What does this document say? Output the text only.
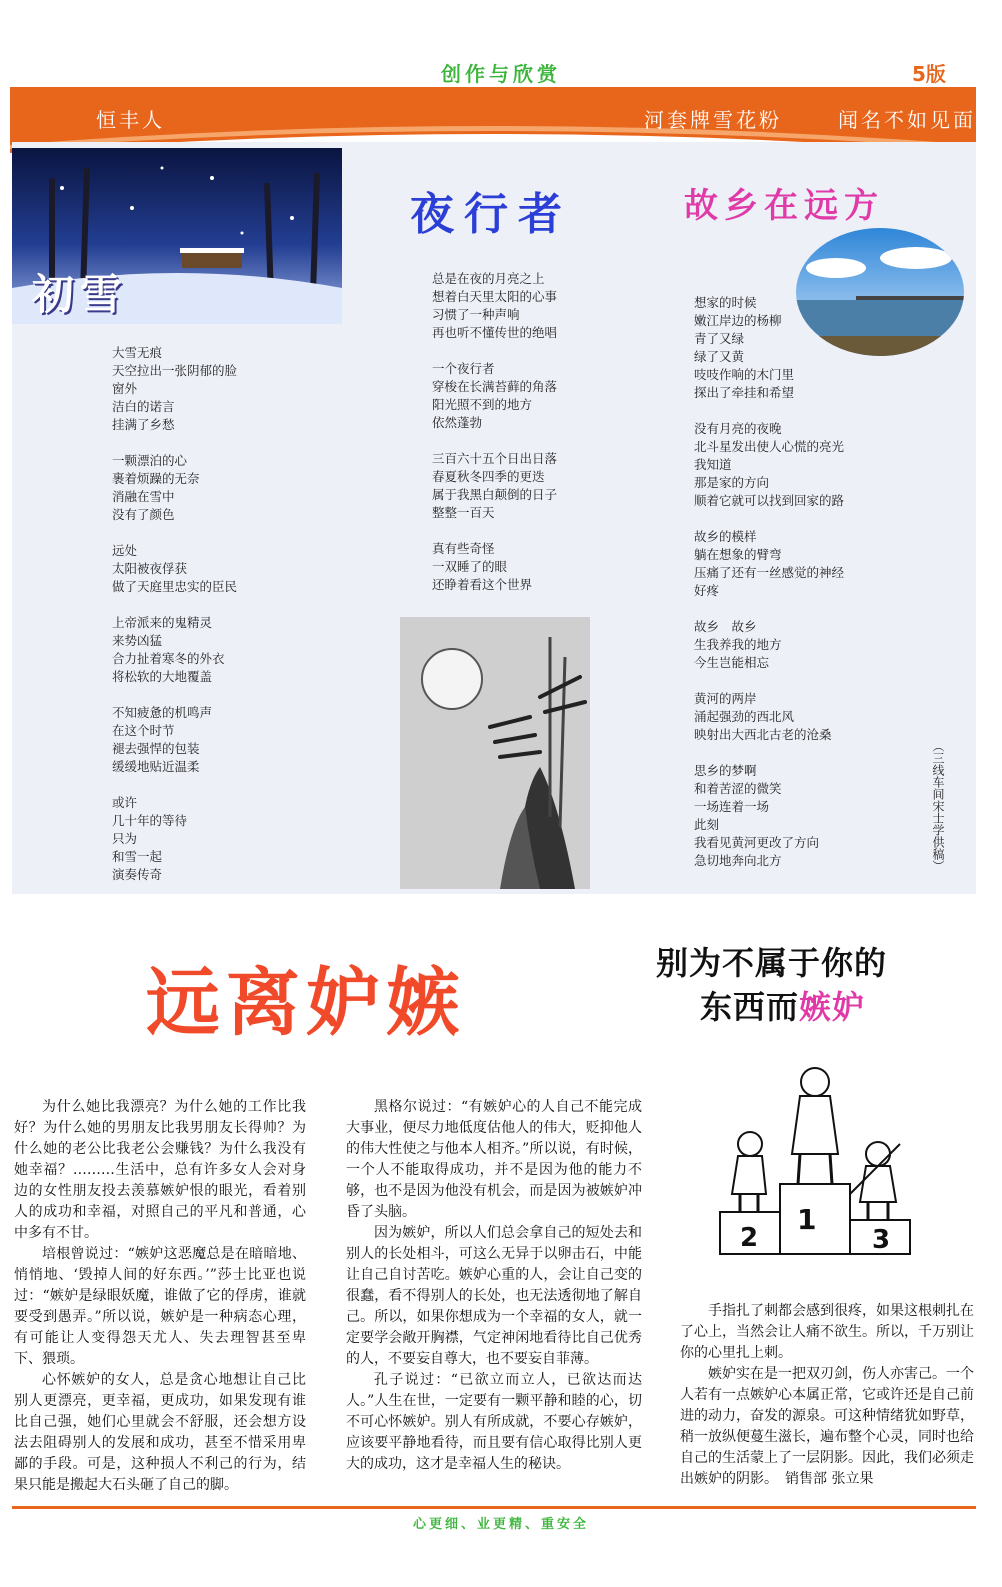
创作与欣赏	5版
恒丰人	河套牌雪花粉	闻名不如见面
初雪
大雪无痕
天空拉出一张阴郁的脸
窗外
洁白的诺言
挂满了乡愁
一颗漂泊的心
裹着烦躁的无奈
消融在雪中
没有了颜色
远处
太阳被夜俘获
做了天庭里忠实的臣民
上帝派来的鬼精灵
来势凶猛
合力扯着寒冬的外衣
将松软的大地覆盖
不知疲惫的机鸣声
在这个时节
褪去强悍的包装
缓缓地贴近温柔
或许
几十年的等待
只为
和雪一起
演奏传奇
夜行者
总是在夜的月亮之上
想着白天里太阳的心事
习惯了一种声响
再也听不懂传世的绝唱
一个夜行者
穿梭在长满苔藓的角落
阳光照不到的地方
依然蓬勃
三百六十五个日出日落
春夏秋冬四季的更迭
属于我黑白颠倒的日子
整整一百天
真有些奇怪
一双睡了的眼
还睁着看这个世界
故乡在远方
想家的时候
嫩江岸边的杨柳
青了又绿
绿了又黄
吱吱作响的木门里
探出了牵挂和希望
没有月亮的夜晚
北斗星发出使人心慌的亮光
我知道
那是家的方向
顺着它就可以找到回家的路
故乡的模样
躺在想象的臂弯
压痛了还有一丝感觉的神经
好疼
故乡　故乡
生我养我的地方
今生岂能相忘
黄河的两岸
涌起强劲的西北风
映射出大西北古老的沧桑
思乡的梦啊
和着苦涩的微笑
一场连着一场
此刻
我看见黄河更改了方向
急切地奔向北方	（三线车间宋士学供稿）
远离妒嫉	别为不属于你的
东西而嫉妒
1
2	3

为什么她比我漂亮？为什么她的工作比我好？为什么她的男朋友比我男朋友长得帅？为什么她的老公比我老公会赚钱？为什么我没有她幸福？………生活中，总有许多女人会对身边的女性朋友投去羡慕嫉妒恨的眼光，看着别人的成功和幸福，对照自己的平凡和普通，心中多有不甘。

培根曾说过：“嫉妒这恶魔总是在暗暗地、悄悄地、‘毁掉人间的好东西。’”莎士比亚也说过：“嫉妒是绿眼妖魔，谁做了它的俘虏，谁就要受到愚弄。”所以说，嫉妒是一种病态心理，有可能让人变得怨天尤人、失去理智甚至卑下、猥琐。

心怀嫉妒的女人，总是贪心地想让自己比别人更漂亮，更幸福，更成功，如果发现有谁比自己强，她们心里就会不舒服，还会想方设法去阻碍别人的发展和成功，甚至不惜采用卑鄙的手段。可是，这种损人不利己的行为，结果只能是搬起大石头砸了自己的脚。

黑格尔说过：“有嫉妒心的人自己不能完成大事业，便尽力地低度估他人的伟大，贬抑他人的伟大性使之与他本人相齐。”所以说，有时候，一个人不能取得成功，并不是因为他的能力不够，也不是因为他没有机会，而是因为被嫉妒冲昏了头脑。

因为嫉妒，所以人们总会拿自己的短处去和别人的长处相斗，可这么无异于以卵击石，中能让自己自讨苦吃。嫉妒心重的人，会让自己变的很蠢，看不得别人的长处，也无法透彻地了解自己。所以，如果你想成为一个幸福的女人，就一定要学会敞开胸襟，气定神闲地看待比自己优秀的人，不要妄自尊大，也不要妄自菲薄。

孔子说过：“已欲立而立人，已欲达而达人。”人生在世，一定要有一颗平静和睦的心，切不可心怀嫉妒。别人有所成就，不要心存嫉妒，应该要平静地看待，而且要有信心取得比别人更大的成功，这才是幸福人生的秘诀。

手指扎了刺都会感到很疼，如果这根刺扎在了心上，当然会让人痛不欲生。所以，千万别让你的心里扎上刺。

嫉妒实在是一把双刃剑，伤人亦害己。一个人若有一点嫉妒心本属正常，它或许还是自己前进的动力，奋发的源泉。可这种情绪犹如野草，稍一放纵便蔓生滋长，遍布整个心灵，同时也给自己的生活蒙上了一层阴影。因此，我们必须走出嫉妒的阴影。　销售部 张立果

心更细、业更精、重安全
